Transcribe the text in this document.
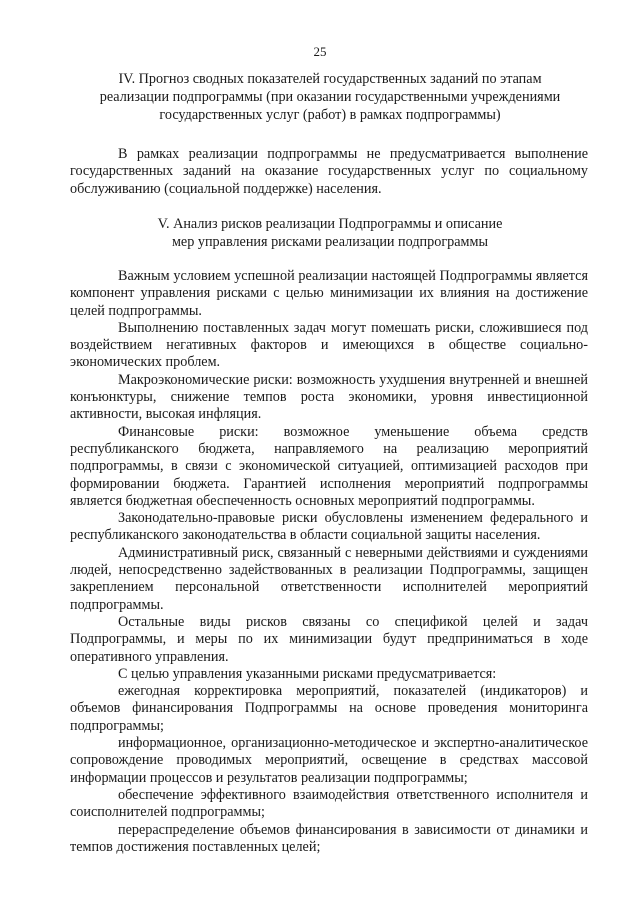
25
IV. Прогноз сводных показателей государственных заданий по этапам
реализации подпрограммы (при оказании государственными учреждениями
государственных услуг (работ) в рамках подпрограммы)

В рамках реализации подпрограммы не предусматривается выполнение государственных заданий на оказание государственных услуг по социальному обслуживанию (социальной поддержке) населения.

V. Анализ рисков реализации Подпрограммы и описание
мер управления рисками реализации подпрограммы

Важным условием успешной реализации настоящей Подпрограммы является компонент управления рисками с целью минимизации их влияния на достижение целей подпрограммы.

Выполнению поставленных задач могут помешать риски, сложившиеся под воздействием негативных факторов и имеющихся в обществе социально-экономических проблем.

Макроэкономические риски: возможность ухудшения внутренней и внешней конъюнктуры, снижение темпов роста экономики, уровня инвестиционной активности, высокая инфляция.

Финансовые риски: возможное уменьшение объема средств республиканского бюджета, направляемого на реализацию мероприятий подпрограммы, в связи с экономической ситуацией, оптимизацией расходов при формировании бюджета. Гарантией исполнения мероприятий подпрограммы является бюджетная обеспеченность основных мероприятий подпрограммы.

Законодательно-правовые риски обусловлены изменением федерального и республиканского законодательства в области социальной защиты населения.

Административный риск, связанный с неверными действиями и суждениями людей, непосредственно задействованных в реализации Подпрограммы, защищен закреплением персональной ответственности исполнителей мероприятий подпрограммы.

Остальные виды рисков связаны со спецификой целей и задач Подпрограммы, и меры по их минимизации будут предприниматься в ходе оперативного управления.

С целью управления указанными рисками предусматривается:

ежегодная корректировка мероприятий, показателей (индикаторов) и объемов финансирования Подпрограммы на основе проведения мониторинга подпрограммы;

информационное, организационно-методическое и экспертно-аналитическое сопровождение проводимых мероприятий, освещение в средствах массовой информации процессов и результатов реализации подпрограммы;

обеспечение эффективного взаимодействия ответственного исполнителя и соисполнителей подпрограммы;

перераспределение объемов финансирования в зависимости от динамики и темпов достижения поставленных целей;
